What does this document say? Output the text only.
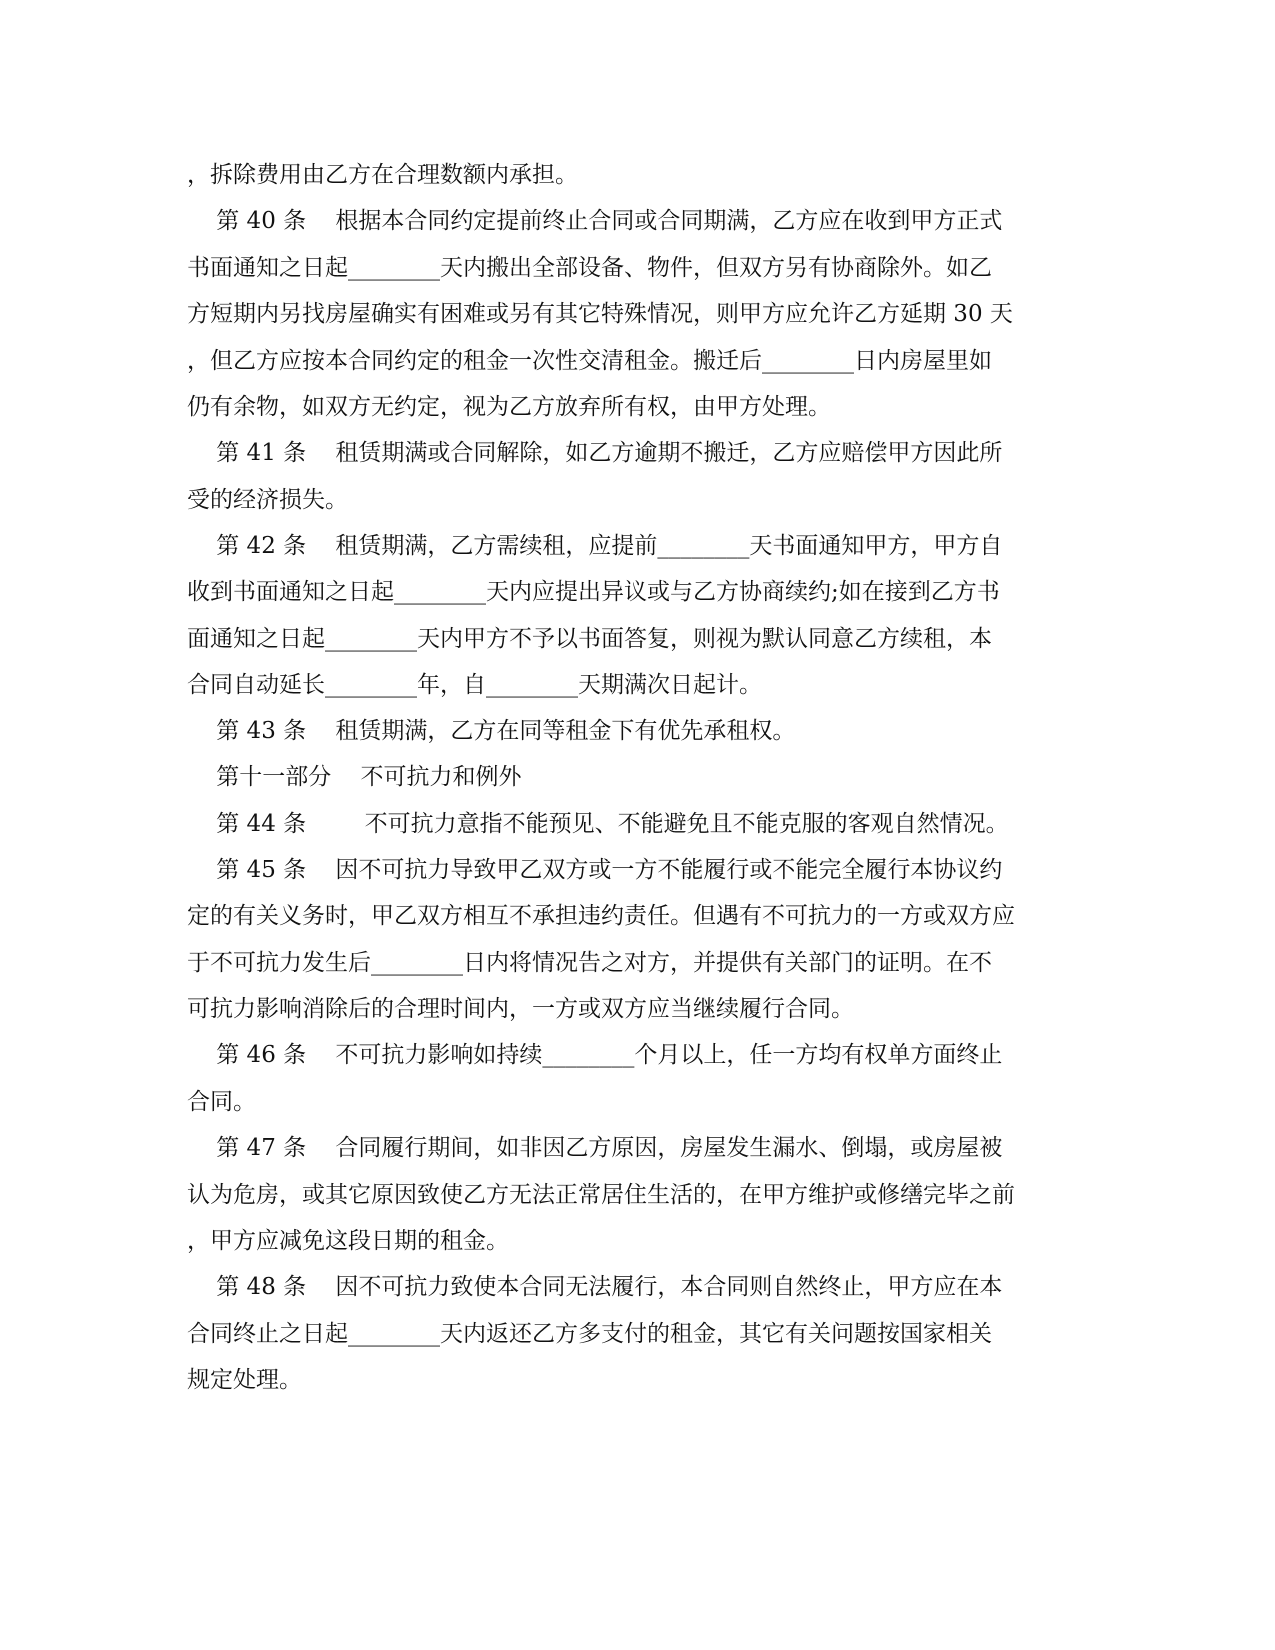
，拆除费用由乙方在合理数额内承担。
第 40 条    根据本合同约定提前终止合同或合同期满，乙方应在收到甲方正式
书面通知之日起________天内搬出全部设备、物件，但双方另有协商除外。如乙
方短期内另找房屋确实有困难或另有其它特殊情况，则甲方应允许乙方延期 30 天
，但乙方应按本合同约定的租金一次性交清租金。搬迁后________日内房屋里如
仍有余物，如双方无约定，视为乙方放弃所有权，由甲方处理。
第 41 条    租赁期满或合同解除，如乙方逾期不搬迁，乙方应赔偿甲方因此所
受的经济损失。
第 42 条    租赁期满，乙方需续租，应提前________天书面通知甲方，甲方自
收到书面通知之日起________天内应提出异议或与乙方协商续约;如在接到乙方书
面通知之日起________天内甲方不予以书面答复，则视为默认同意乙方续租，本
合同自动延长________年，自________天期满次日起计。
第 43 条    租赁期满，乙方在同等租金下有优先承租权。
第十一部分    不可抗力和例外
第 44 条        不可抗力意指不能预见、不能避免且不能克服的客观自然情况。
第 45 条    因不可抗力导致甲乙双方或一方不能履行或不能完全履行本协议约
定的有关义务时，甲乙双方相互不承担违约责任。但遇有不可抗力的一方或双方应
于不可抗力发生后________日内将情况告之对方，并提供有关部门的证明。在不
可抗力影响消除后的合理时间内，一方或双方应当继续履行合同。
第 46 条    不可抗力影响如持续________个月以上，任一方均有权单方面终止
合同。
第 47 条    合同履行期间，如非因乙方原因，房屋发生漏水、倒塌，或房屋被
认为危房，或其它原因致使乙方无法正常居住生活的，在甲方维护或修缮完毕之前
，甲方应减免这段日期的租金。
第 48 条    因不可抗力致使本合同无法履行，本合同则自然终止，甲方应在本
合同终止之日起________天内返还乙方多支付的租金，其它有关问题按国家相关
规定处理。
